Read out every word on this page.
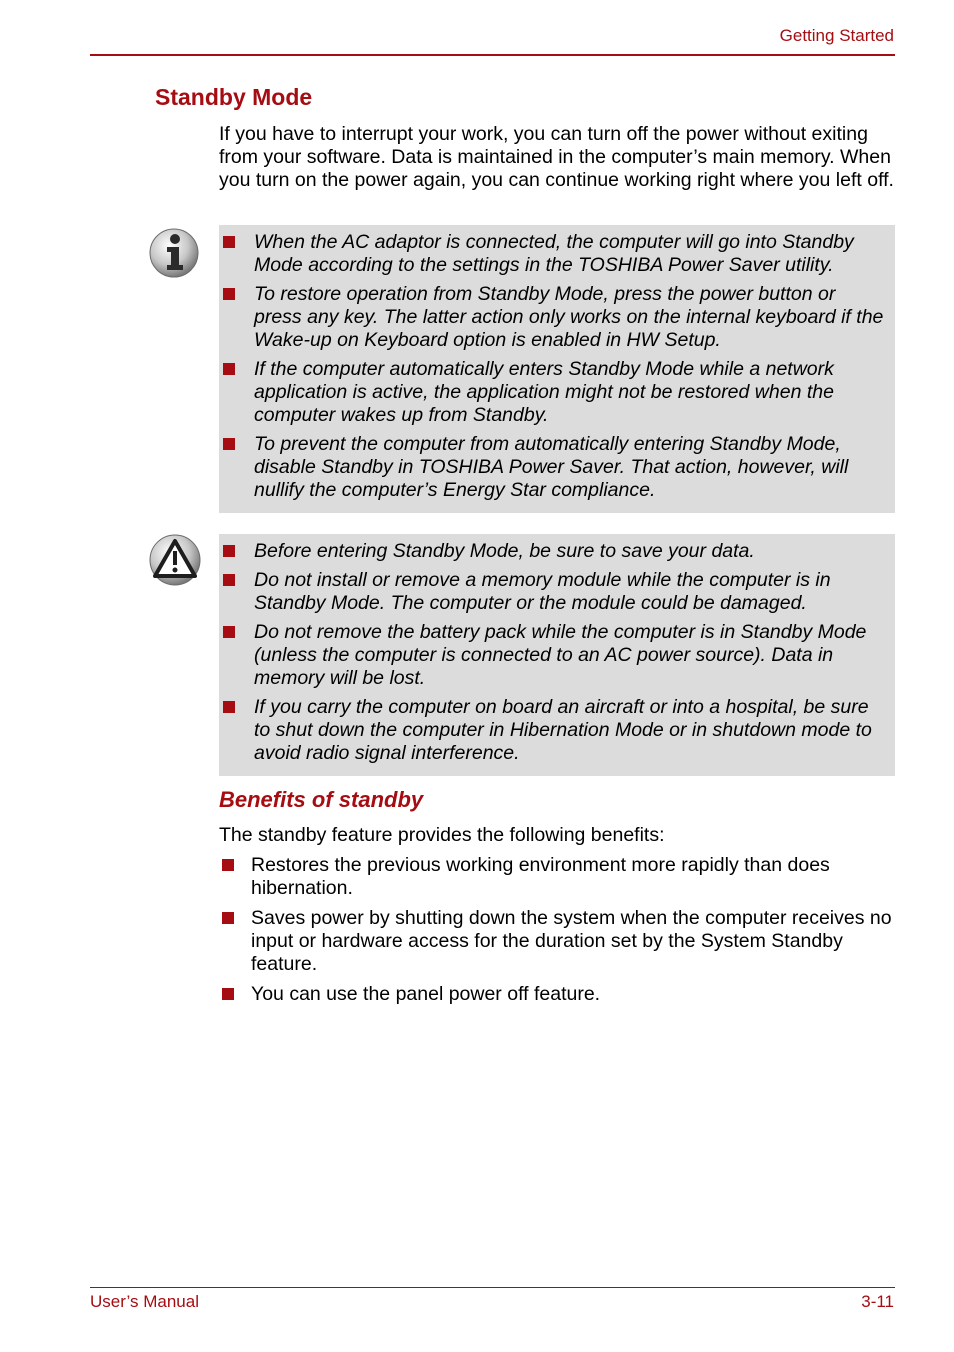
Getting Started
Standby Mode

If you have to interrupt your work, you can turn off the power without exiting from your software. Data is maintained in the computer’s main memory. When you turn on the power again, you can continue working right where you left off.

When the AC adaptor is connected, the computer will go into Standby Mode according to the settings in the TOSHIBA Power Saver utility.
To restore operation from Standby Mode, press the power button or press any key. The latter action only works on the internal keyboard if the Wake-up on Keyboard option is enabled in HW Setup.
If the computer automatically enters Standby Mode while a network application is active, the application might not be restored when the computer wakes up from Standby.
To prevent the computer from automatically entering Standby Mode, disable Standby in TOSHIBA Power Saver. That action, however, will nullify the computer’s Energy Star compliance.
Before entering Standby Mode, be sure to save your data.
Do not install or remove a memory module while the computer is in Standby Mode. The computer or the module could be damaged.
Do not remove the battery pack while the computer is in Standby Mode (unless the computer is connected to an AC power source). Data in memory will be lost.
If you carry the computer on board an aircraft or into a hospital, be sure to shut down the computer in Hibernation Mode or in shutdown mode to avoid radio signal interference.
Benefits of standby
The standby feature provides the following benefits:
Restores the previous working environment more rapidly than does hibernation.
Saves power by shutting down the system when the computer receives no input or hardware access for the duration set by the System Standby feature.
You can use the panel power off feature.
User’s Manual	3-11
